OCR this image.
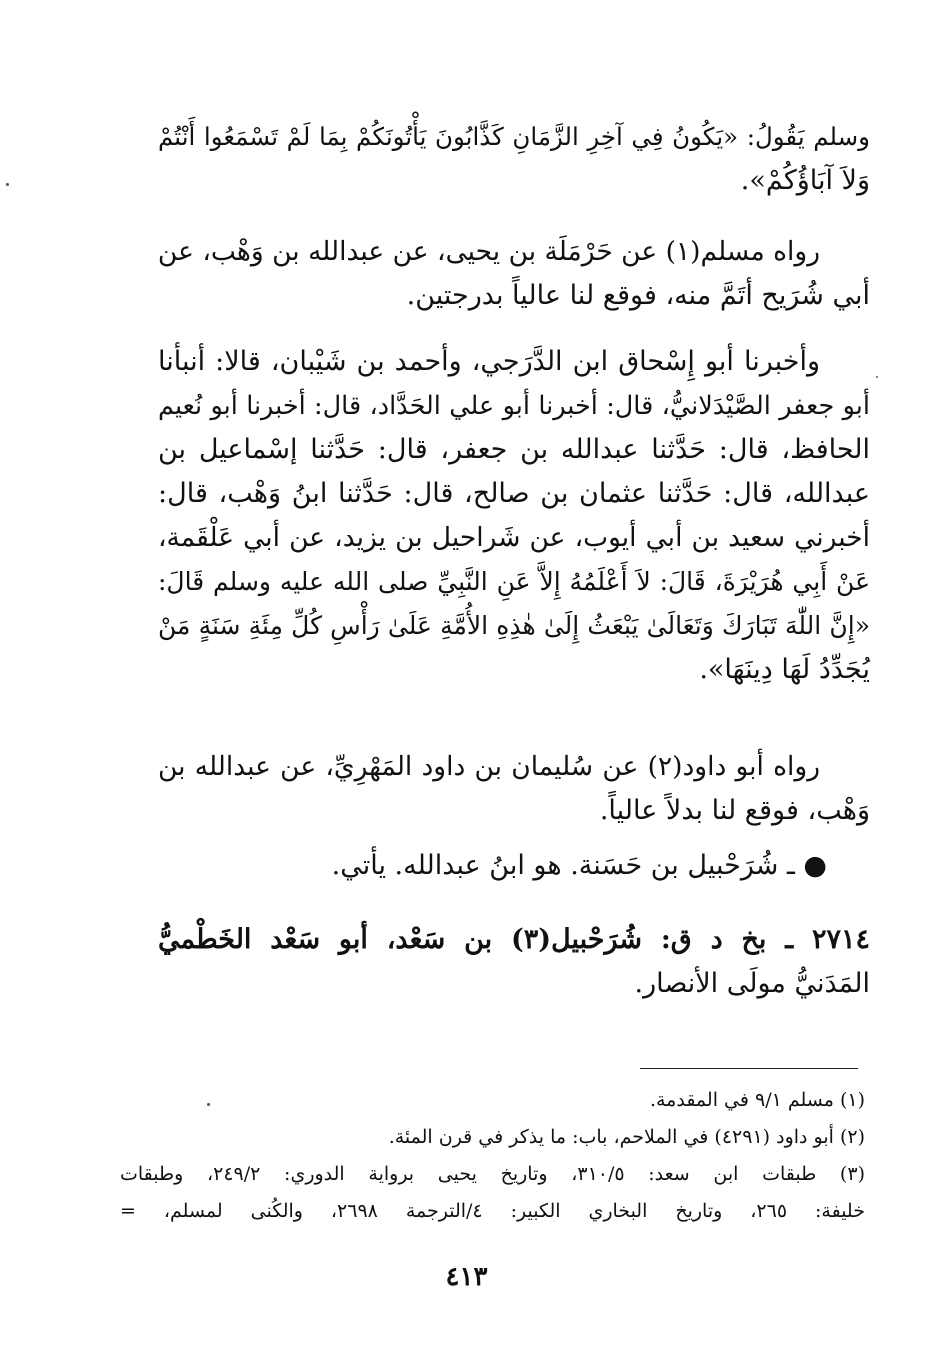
وسلم يَقُولُ: «يَكُونُ فِي آخِرِ الزَّمَانِ كَذَّابُونَ يَأْتُونَكُمْ بِمَا لَمْ تَسْمَعُوا أَنْتُمْ
وَلاَ آبَاؤُكُمْ».
رواه مسلم(١) عن حَرْمَلَة بن يحيى، عن عبدالله بن وَهْب، عن
أبي شُرَيح أتَمَّ منه، فوقع لنا عالياً بدرجتين.
وأخبرنا أبو إِسْحاق ابن الدَّرَجي، وأحمد بن شَيْبان، قالا: أنبأنا
أبو جعفر الصَّيْدَلانيُّ، قال: أخبرنا أبو علي الحَدَّاد، قال: أخبرنا أبو نُعيم
الحافظ، قال: حَدَّثنا عبدالله بن جعفر، قال: حَدَّثنا إسْماعيل بن
عبدالله، قال: حَدَّثنا عثمان بن صالح، قال: حَدَّثنا ابنُ وَهْب، قال:
أخبرني سعيد بن أبي أيوب، عن شَراحيل بن يزيد، عن أبي عَلْقَمة،
عَنْ أَبِي هُرَيْرَةَ، قَالَ: لاَ أَعْلَمُهُ إِلاَّ عَنِ النَّبِيِّ صلى الله عليه وسلم قَالَ:
«إِنَّ اللّٰهَ تَبَارَكَ وَتَعَالَىٰ يَبْعَثُ إِلَىٰ هٰذِهِ الأُمَّةِ عَلَىٰ رَأْسِ كُلِّ مِئَةِ سَنَةٍ مَنْ
يُجَدِّدُ لَهَا دِينَهَا».
رواه أبو داود(٢) عن سُليمان بن داود المَهْرِيِّ، عن عبدالله بن
وَهْب، فوقع لنا بدلاً عالياً.
● ـ شُرَحْبيل بن حَسَنة. هو ابنُ عبدالله. يأتي.
٢٧١٤ ـ بخ د ق: شُرَحْبيل(٣) بن سَعْد، أبو سَعْد الخَطْميُّ
المَدَنيُّ مولَى الأنصار.
(١) مسلم ٩/١ في المقدمة.
(٢) أبو داود (٤٢٩١) في الملاحم، باب: ما يذكر في قرن المئة.
(٣) طبقات ابن سعد: ٣١٠/٥، وتاريخ يحيى برواية الدوري: ٢٤٩/٢، وطبقات
خليفة: ٢٦٥، وتاريخ البخاري الكبير: ٤/الترجمة ٢٦٩٨، والكُنى لمسلم، =
٤١٣
